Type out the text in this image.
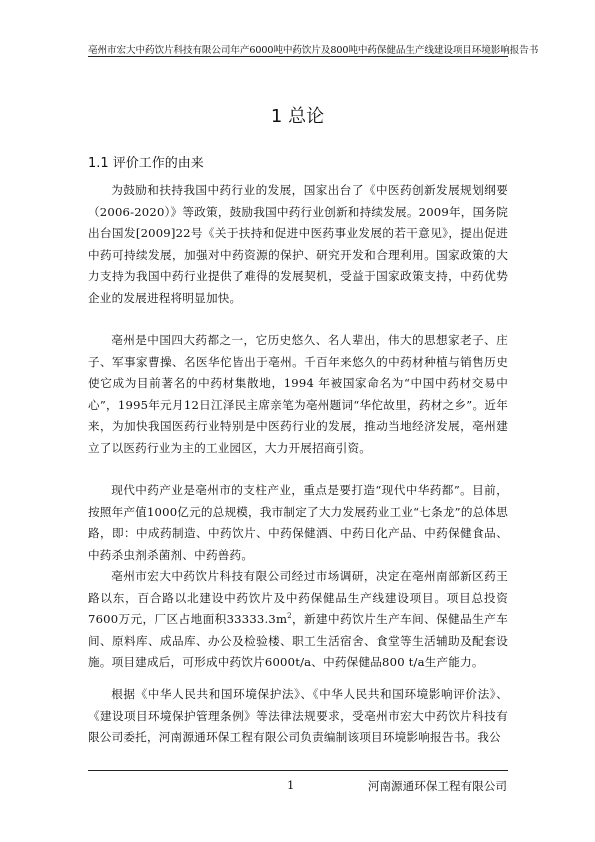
亳州市宏大中药饮片科技有限公司年产6000吨中药饮片及800吨中药保健品生产线建设项目环境影响报告书
1 总论
1.1 评价工作的由来

为鼓励和扶持我国中药行业的发展，国家出台了《中医药创新发展规划纲要（2006-2020）》等政策，鼓励我国中药行业创新和持续发展。2009年，国务院出台国发[2009]22号《关于扶持和促进中医药事业发展的若干意见》，提出促进中药可持续发展，加强对中药资源的保护、研究开发和合理利用。国家政策的大力支持为我国中药行业提供了难得的发展契机，受益于国家政策支持，中药优势企业的发展进程将明显加快。

亳州是中国四大药都之一，它历史悠久、名人辈出，伟大的思想家老子、庄子、军事家曹操、名医华佗皆出于亳州。千百年来悠久的中药材种植与销售历史使它成为目前著名的中药材集散地，1994 年被国家命名为“中国中药材交易中心”，1995年元月12日江泽民主席亲笔为亳州题词“华佗故里，药材之乡”。近年来，为加快我国医药行业特别是中医药行业的发展，推动当地经济发展，亳州建立了以医药行业为主的工业园区，大力开展招商引资。

现代中药产业是亳州市的支柱产业，重点是要打造“现代中华药都”。目前，按照年产值1000亿元的总规模，我市制定了大力发展药业工业“七条龙”的总体思路，即：中成药制造、中药饮片、中药保健酒、中药日化产品、中药保健食品、中药杀虫剂杀菌剂、中药兽药。

亳州市宏大中药饮片科技有限公司经过市场调研，决定在亳州南部新区药王路以东，百合路以北建设中药饮片及中药保健品生产线建设项目。项目总投资7600万元，厂区占地面积$33333.3m^2$，新建中药饮片生产车间、保健品生产车间、原料库、成品库、办公及检验楼、职工生活宿舍、食堂等生活辅助及配套设施。项目建成后，可形成中药饮片6000t/a、中药保健品800 t/a生产能力。

根据《中华人民共和国环境保护法》、《中华人民共和国环境影响评价法》、《建设项目环境保护管理条例》等法律法规要求，受亳州市宏大中药饮片科技有限公司委托，河南源通环保工程有限公司负责编制该项目环境影响报告书。我公

1	河南源通环保工程有限公司
